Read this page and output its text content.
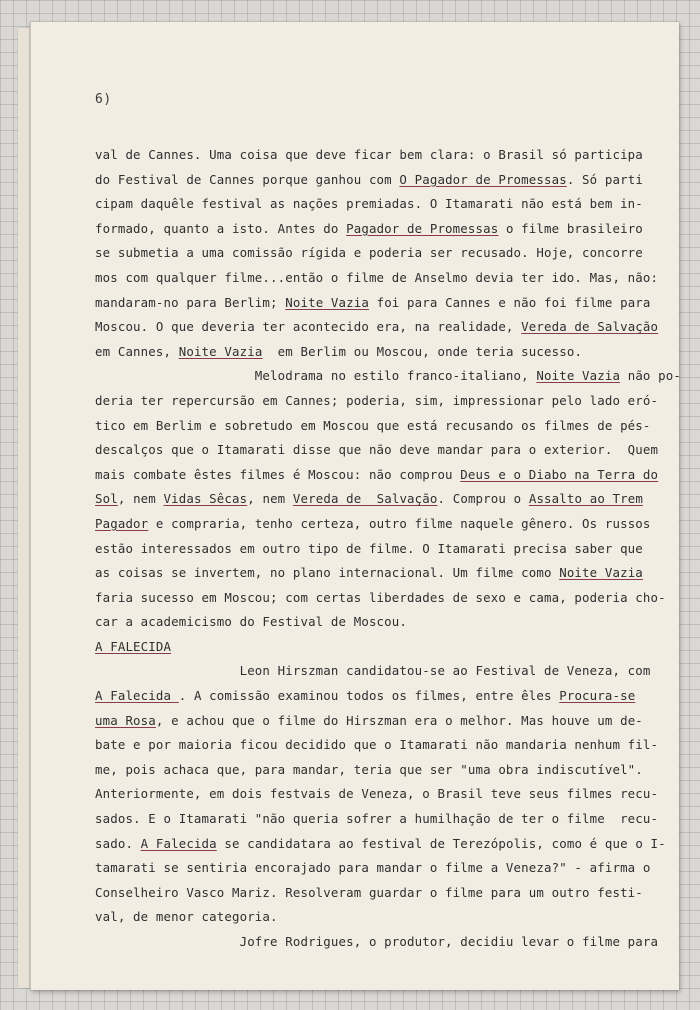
6)
val de Cannes. Uma coisa que deve ficar bem clara: o Brasil só participa
do Festival de Cannes porque ganhou com O Pagador de Promessas. Só parti
cipam daquêle festival as nações premiadas. O Itamarati não está bem in-
formado, quanto a isto. Antes do Pagador de Promessas o filme brasileiro
se submetia a uma comissão rígida e poderia ser recusado. Hoje, concorre
mos com qualquer filme...então o filme de Anselmo devia ter ido. Mas, não:
mandaram-no para Berlim; Noite Vazia foi para Cannes e não foi filme para
Moscou. O que deveria ter acontecido era, na realidade, Vereda de Salvação
em Cannes, Noite Vazia  em Berlim ou Moscou, onde teria sucesso.
Melodrama no estilo franco-italiano, Noite Vazia não po-
deria ter repercursão em Cannes; poderia, sim, impressionar pelo lado eró-
tico em Berlim e sobretudo em Moscou que está recusando os filmes de pés-
descalços que o Itamarati disse que não deve mandar para o exterior.  Quem
mais combate êstes filmes é Moscou: não comprou Deus e o Diabo na Terra do
Sol, nem Vidas Sêcas, nem Vereda de  Salvação. Comprou o Assalto ao Trem
Pagador e compraria, tenho certeza, outro filme naquele gênero. Os russos
estão interessados em outro tipo de filme. O Itamarati precisa saber que
as coisas se invertem, no plano internacional. Um filme como Noite Vazia
faria sucesso em Moscou; com certas liberdades de sexo e cama, poderia cho-
car a academicismo do Festival de Moscou.
A FALECIDA
Leon Hirszman candidatou-se ao Festival de Veneza, com
A Falecida . A comissão examinou todos os filmes, entre êles Procura-se
uma Rosa, e achou que o filme do Hirszman era o melhor. Mas houve um de-
bate e por maioria ficou decidido que o Itamarati não mandaria nenhum fil-
me, pois achaca que, para mandar, teria que ser "uma obra indiscutível".
Anteriormente, em dois festvais de Veneza, o Brasil teve seus filmes recu-
sados. E o Itamarati "não queria sofrer a humilhação de ter o filme  recu-
sado. A Falecida se candidatara ao festival de Terezópolis, como é que o I-
tamarati se sentiria encorajado para mandar o filme a Veneza?" - afirma o
Conselheiro Vasco Mariz. Resolveram guardar o filme para um outro festi-
val, de menor categoria.
Jofre Rodrigues, o produtor, decidiu levar o filme para
